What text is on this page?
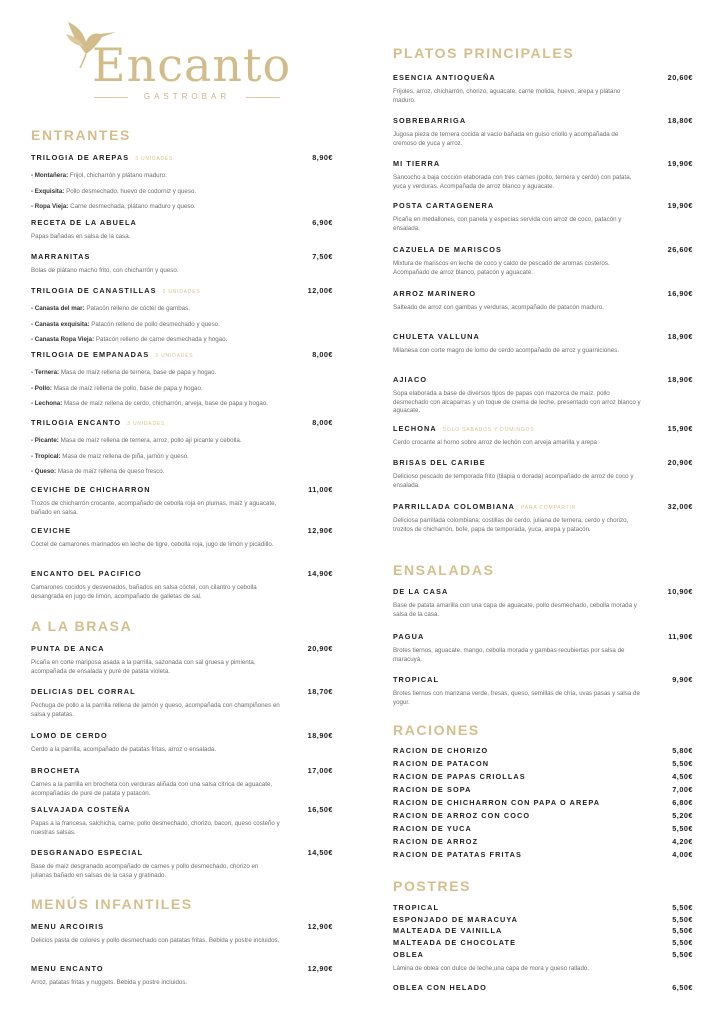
Encanto
GASTROBAR
ENTRANTES
TRILOGIA DE AREPAS 3 UNIDADES	8,90€
- Montañera: Frijol, chicharrón y plátano maduro.
- Exquisita: Pollo desmechado, huevo de codorniz y queso.
- Ropa Vieja: Carne desmechada, plátano maduro y queso.
RECETA DE LA ABUELA	6,90€
Papas bañadas en salsa de la casa.
MARRANITAS	7,50€
Bolas de plátano macho frito, con chicharrón y queso.
TRILOGIA DE CANASTILLAS 3 UNIDADES	12,00€
- Canasta del mar: Patacón relleno de cóctel de gambas.
- Canasta exquisita: Patacón relleno de pollo desmechado y queso.
- Canasta Ropa Vieja: Patacón relleno de carne desmechada y hogao.
TRILOGIA DE EMPANADAS 3 UNIDADES	8,00€
- Ternera: Masa de maíz rellena de ternera, base de papa y hogao.
- Pollo: Masa de maíz rellena de pollo, base de papa y hogao.
- Lechona: Masa de maíz rellena de cerdo, chicharrón, arveja, base de papa y hogao.
TRILOGIA ENCANTO 3 UNIDADES	8,00€
- Picante: Masa de maíz rellena de ternera, arroz, pollo ají picante y cebolla.
- Tropical: Masa de maíz rellena de piña, jamón y queso.
- Queso: Masa de maíz rellena de queso fresco.
CEVICHE DE CHICHARRON	11,00€
Trozos de chicharrón crocante, acompañado de cebolla roja en plumas, maíz y aguacate, bañado en salsa.
CEVICHE	12,90€
Cóctel de camarones marinados en leche de tigre, cebolla roja, jugo de limón y picadillo.
ENCANTO DEL PACIFICO	14,90€
Camarones cocidos y desvenados, bañados en salsa cóctel, con cilantro y cebolla desangrada en jugo de limón, acompañado de galletas de sal.
A LA BRASA
PUNTA DE ANCA	20,90€
Picaña en corte mariposa asada a la parrilla, sazonada con sal gruesa y pimienta, acompañada de ensalada y puré de patata violeta.
DELICIAS DEL CORRAL	18,70€
Pechuga de pollo a la parrilla rellena de jamón y queso, acompañada con champiñones en salsa y patatas.
LOMO DE CERDO	18,90€
Cerdo a la parrilla, acompañado de patatas fritas, arroz o ensalada.
BROCHETA	17,00€
Carnes a la parrilla en brocheta con verduras aliñada con una salsa cítrica de aguacate, acompañadas de puré de patata y patacón.
SALVAJADA COSTEÑA	16,50€
Papas a la francesa, salchicha, carne, pollo desmechado, chorizo, bacon, queso costeño y nuestras salsas.
DESGRANADO ESPECIAL	14,50€
Base de maíz desgranado acompañado de carnes y pollo desmechado, chorizo en julianas bañado en salsas de la casa y gratinado.
MENÚS INFANTILES
MENU ARCOIRIS	12,90€
Delicios pasta de colores y pollo desmechado con patatas fritas. Bebida y postre incluidos.
MENU ENCANTO	12,90€
Arroz, patatas fritas y nuggets. Bebida y postre incluidos.
PLATOS PRINCIPALES
ESENCIA ANTIOQUEÑA	20,60€
Frijoles, arroz, chicharrón, chorizo, aguacate, carne molida, huevo, arepa y plátano maduro.
SOBREBARRIGA	18,80€
Jugosa pieza de ternera cocida al vacío bañada en guiso criollo y acompañada de cremoso de yuca y arroz.
MI TIERRA	19,90€
Sancocho a baja cocción elaborada con tres carnes (pollo, ternera y cerdo) con patata, yuca y verduras. Acompañada de arroz blanco y aguacate.
POSTA CARTAGENERA	19,90€
Picaña en medallones, con panela y especias servida con arroz de coco, patacón y ensalada.
CAZUELA DE MARISCOS	26,60€
Mixtura de mariscos en leche de coco y caldo de pescado de aromas costeros. Acompañado de arroz blanco, patacón y aguacate.
ARROZ MARINERO	16,90€
Salteado de arroz con gambas y verduras, acompañado de patacón maduro.
CHULETA VALLUNA	18,90€
Milanesa con corte magro de lomo de cerdo acompañado de arroz y guarniciones.
AJIACO	18,90€
Sopa elaborada a base de diversos tipos de papas con mazorca de maíz, pollo desmechado con alcaparras y un toque de crema de leche, presentado con arroz blanco y aguacate.
LECHONA SOLO SABADOS Y DOMINGOS	15,90€
Cerdo crocante al horno sobre arroz de lechón con arveja amarilla y arepa
BRISAS DEL CARIBE	20,90€
Delicioso pescado de temporada frito (tilapia o dorada) acompañado de arroz de coco y ensalada.
PARRILLADA COLOMBIANA PARA COMPARTIR	32,00€
Deliciosa parrillada colombiana: costillas de cerdo, juliana de ternera, cerdo y chorizo, trozitos de chicharrón, bofe, papa de temporada, yuca, arepa y patacón.
ENSALADAS
DE LA CASA	10,90€
Base de patata amarilla con una capa de aguacate, pollo desmechado, cebolla morada y salsa de la casa.
PAGUA	11,90€
Brotes tiernos, aguacate, mango, cebolla morada y gambas recubiertas por salsa de maracuyá.
TROPICAL	9,90€
Brotes tiernos con manzana verde, fresas, queso, semillas de chía, uvas pasas y salsa de yogur.
RACIONES
RACION DE CHORIZO	5,80€
RACION DE PATACON	5,50€
RACION DE PAPAS CRIOLLAS	4,50€
RACION DE SOPA	7,00€
RACION DE CHICHARRON CON PAPA O AREPA	6,80€
RACION DE ARROZ CON COCO	5,20€
RACION DE YUCA	5,50€
RACION DE ARROZ	4,20€
RACION DE PATATAS FRITAS	4,00€
POSTRES
TROPICAL	5,50€
ESPONJADO DE MARACUYA	5,50€
MALTEADA DE VAINILLA	5,50€
MALTEADA DE CHOCOLATE	5,50€
OBLEA	5,50€
Lámina de oblea con dulce de leche,una capa de mora y queso rallado.
OBLEA CON HELADO	6,50€
